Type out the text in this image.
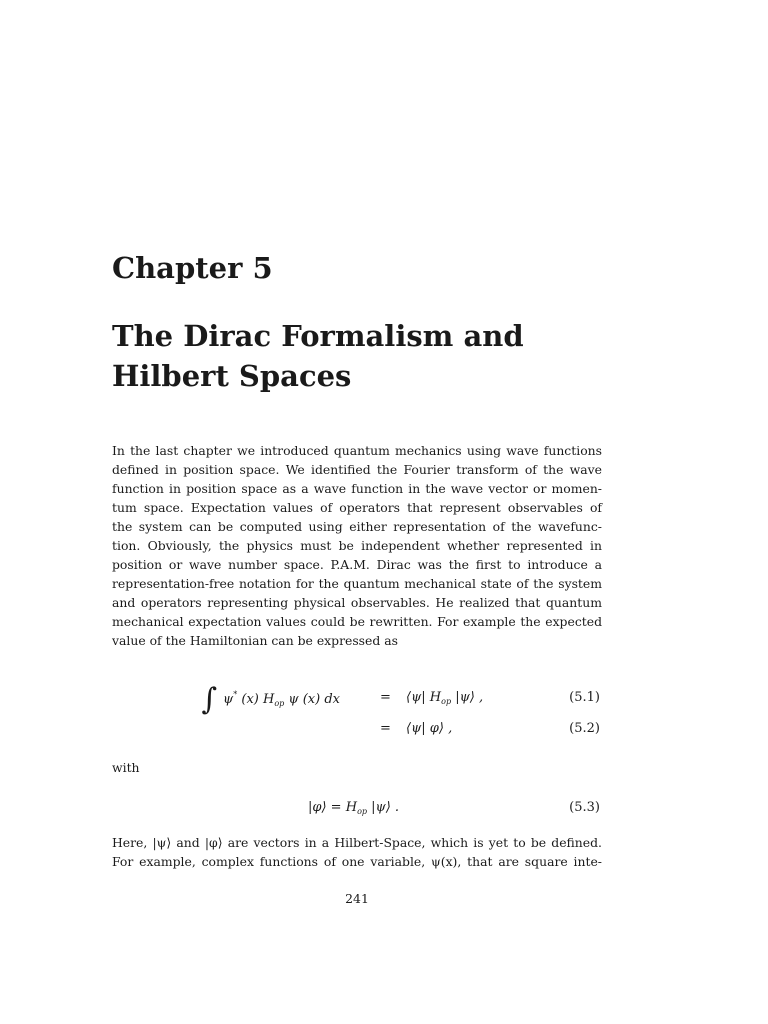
Chapter 5
The Dirac Formalism and
Hilbert Spaces
In the last chapter we introduced quantum mechanics using wave functions
defined in position space. We identified the Fourier transform of the wave
function in position space as a wave function in the wave vector or momen-
tum space. Expectation values of operators that represent observables of
the system can be computed using either representation of the wavefunc-
tion. Obviously, the physics must be independent whether represented in
position or wave number space. P.A.M. Dirac was the first to introduce a
representation-free notation for the quantum mechanical state of the system
and operators representing physical observables. He realized that quantum
mechanical expectation values could be rewritten. For example the expected
value of the Hamiltonian can be expressed as
∫ ψ* (x) $H_{op}$ ψ (x) dx	= ⟨ψ| $H_{op}$ |ψ⟩ ,	(5.1)
= ⟨ψ| φ⟩ ,	(5.2)
with
|φ⟩ = $H_{op}$ |ψ⟩ .	(5.3)
Here, |ψ⟩ and |φ⟩ are vectors in a Hilbert-Space, which is yet to be defined.
For example, complex functions of one variable, ψ(x), that are square inte-
241
